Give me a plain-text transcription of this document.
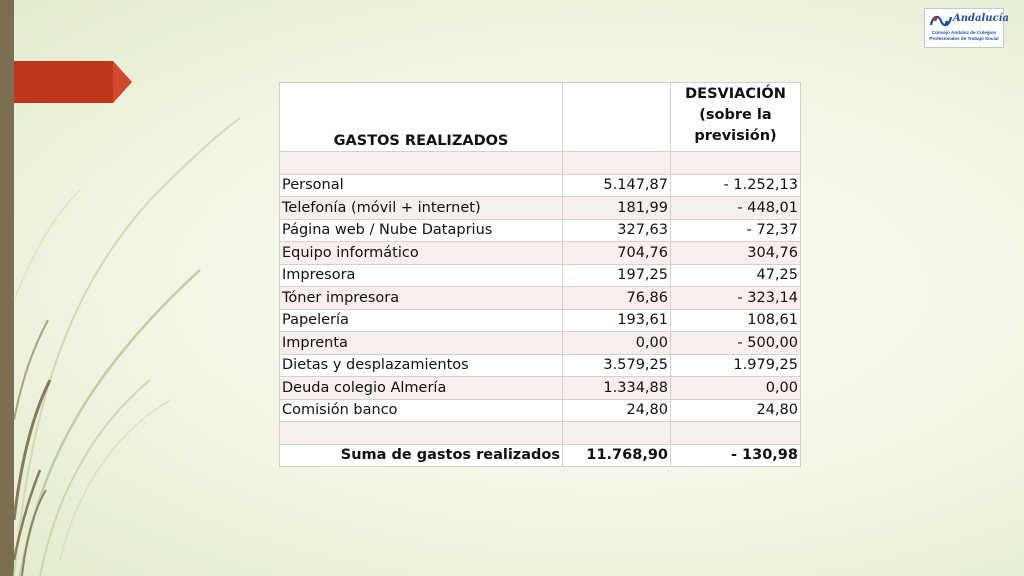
Andalucía
Consejo Andaluz de Colegios Profesionales de Trabajo Social
GASTOS REALIZADOS		DESVIACIÓN
(sobre la
previsión)

Personal	5.147,87	- 1.252,13
Telefonía (móvil + internet)	181,99	- 448,01
Página web / Nube Dataprius	327,63	- 72,37
Equipo informático	704,76	304,76
Impresora	197,25	47,25
Tóner impresora	76,86	- 323,14
Papelería	193,61	108,61
Imprenta	0,00	- 500,00
Dietas y desplazamientos	3.579,25	1.979,25
Deuda colegio Almería	1.334,88	0,00
Comisión banco	24,80	24,80

Suma de gastos realizados	11.768,90	- 130,98
